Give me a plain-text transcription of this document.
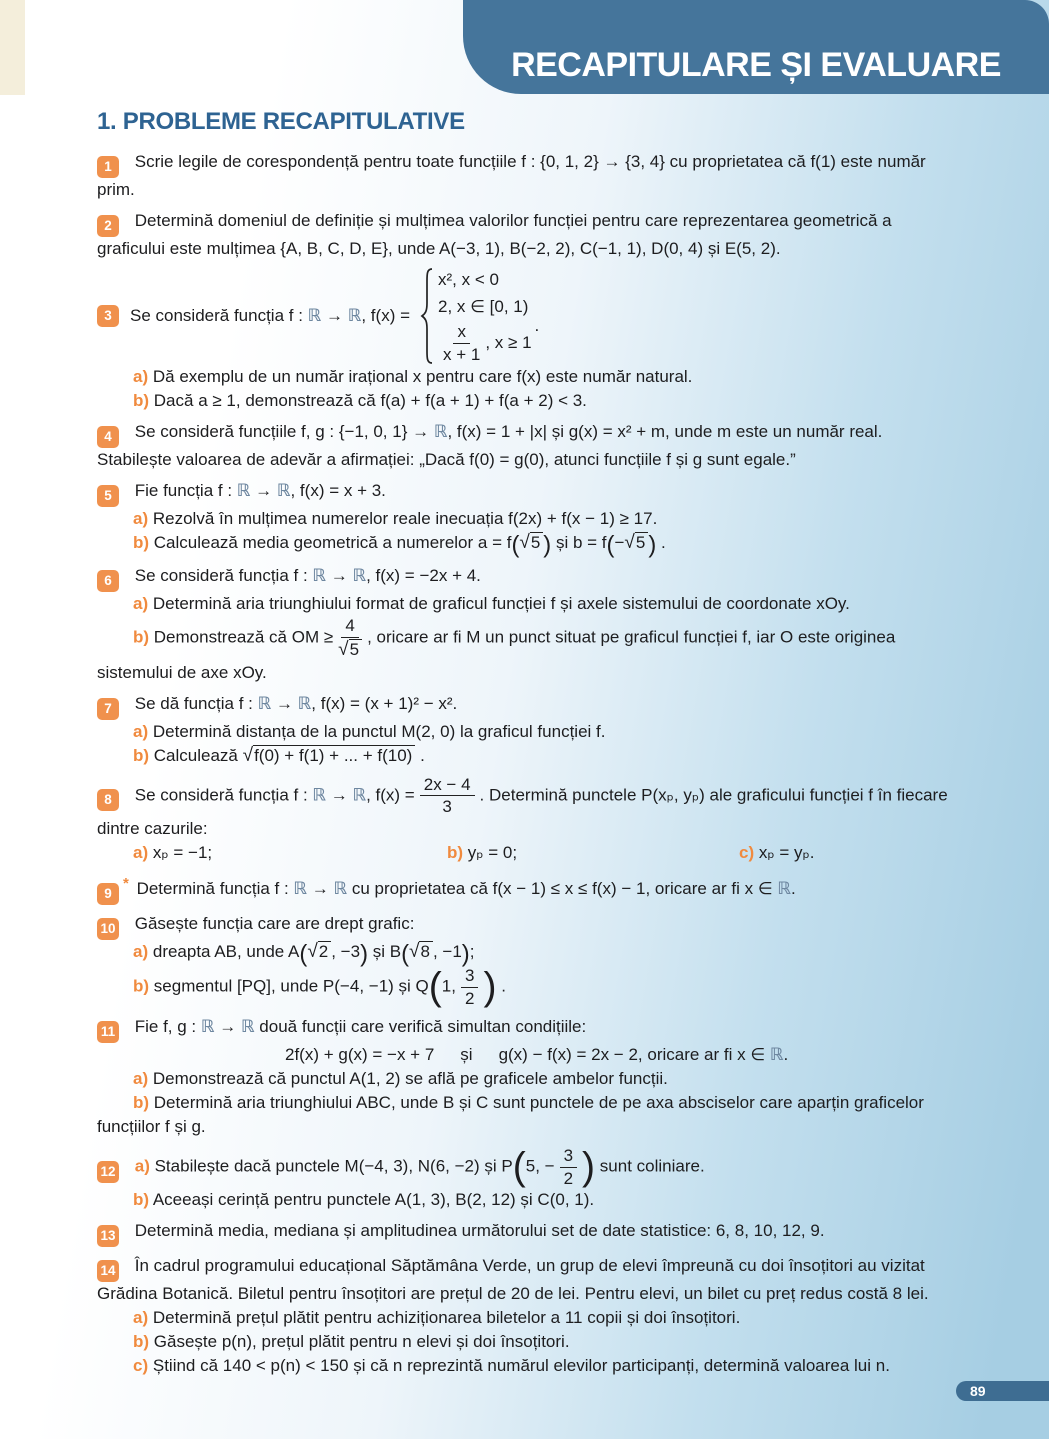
RECAPITULARE ȘI EVALUARE
1. PROBLEME RECAPITULATIVE

1 Scrie legile de corespondență pentru toate funcțiile f : {0, 1, 2} → {3, 4} cu proprietatea că f(1) este număr prim.

2 Determină domeniul de definiție și mulțimea valorilor funcției pentru care reprezentarea geometrică a graficului este mulțimea {A, B, C, D, E}, unde A(−3, 1), B(−2, 2), C(−1, 1), D(0, 4) și E(5, 2).

3	Se consideră funcția f : ℝ → ℝ, f(x) =
x², x < 0
2, x ∈ [0, 1)
$\frac{x}{x + 1}$ , x ≥ 1
.

a) Dă exemplu de un număr irațional x pentru care f(x) este număr natural.

b) Dacă a ≥ 1, demonstrează că f(a) + f(a + 1) + f(a + 2) < 3.

4 Se consideră funcțiile f, g : {−1, 0, 1} → ℝ, f(x) = 1 + |x| și g(x) = x² + m, unde m este un număr real. Stabilește valoarea de adevăr a afirmației: „Dacă f(0) = g(0), atunci funcțiile f și g sunt egale.”

5 Fie funcția f : ℝ → ℝ, f(x) = x + 3.

a) Rezolvă în mulțimea numerelor reale inecuația f(2x) + f(x − 1) ≥ 17.

b) Calculează media geometrică a numerelor a = f(√5 ) și b = f(−√5 ) .

6 Se consideră funcția f : ℝ → ℝ, f(x) = −2x + 4.

a) Determină aria triunghiului format de graficul funcției f și axele sistemului de coordonate xOy.

b) Demonstrează că OM ≥ $\frac{4}{√5}$ , oricare ar fi M un punct situat pe graficul funcției f, iar O este originea sistemului de axe xOy.

7 Se dă funcția f : ℝ → ℝ, f(x) = (x + 1)² − x².

a) Determină distanța de la punctul M(2, 0) la graficul funcției f.

b) Calculează √f(0) + f(1) + ... + f(10) .

8 Se consideră funcția f : ℝ → ℝ, $f(x) = \frac{2x - 4}{3}$ . Determină punctele P(xₚ, yₚ) ale graficului funcției f în fiecare dintre cazurile:

a) xₚ = −1;	b) yₚ = 0;	c) xₚ = yₚ.

9* Determină funcția f : ℝ → ℝ cu proprietatea că f(x − 1) ≤ x ≤ f(x) − 1, oricare ar fi x ∈ ℝ.

10 Găsește funcția care are drept grafic:

a) dreapta AB, unde A(√2 , −3) și B(√8 , −1);

b) segmentul [PQ], unde P(−4, −1) și Q(1, $\frac{3}{2}$ ) .

11 Fie f, g : ℝ → ℝ două funcții care verifică simultan condițiile:

2f(x) + g(x) = −x + 7 și g(x) − f(x) = 2x − 2, oricare ar fi x ∈ ℝ.

a) Demonstrează că punctul A(1, 2) se află pe graficele ambelor funcții.

b) Determină aria triunghiului ABC, unde B și C sunt punctele de pe axa absciselor care aparțin graficelor funcțiilor f și g.

12 a) Stabilește dacă punctele M(−4, 3), N(6, −2) și P(5, − $\frac{3}{2}$ ) sunt coliniare.

b) Aceeași cerință pentru punctele A(1, 3), B(2, 12) și C(0, 1).

13 Determină media, mediana și amplitudinea următorului set de date statistice: 6, 8, 10, 12, 9.

14 În cadrul programului educațional Săptămâna Verde, un grup de elevi împreună cu doi însoțitori au vizitat Grădina Botanică. Biletul pentru însoțitori are prețul de 20 de lei. Pentru elevi, un bilet cu preț redus costă 8 lei.

a) Determină prețul plătit pentru achiziționarea biletelor a 11 copii și doi însoțitori.

b) Găsește p(n), prețul plătit pentru n elevi și doi însoțitori.

c) Știind că 140 < p(n) < 150 și că n reprezintă numărul elevilor participanți, determină valoarea lui n.

89
